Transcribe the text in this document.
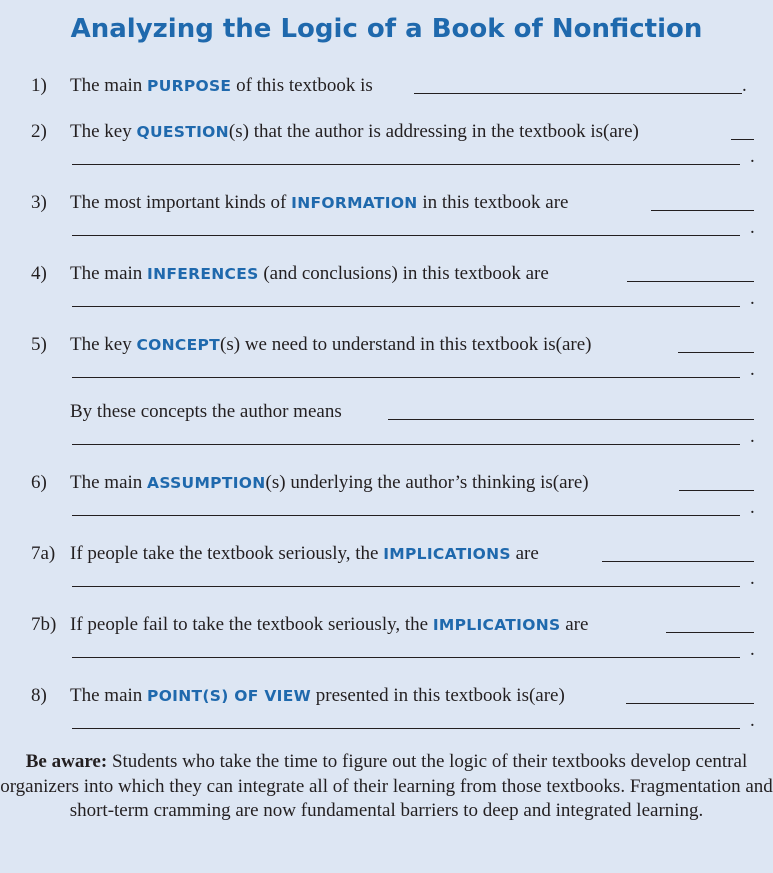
Analyzing the Logic of a Book of Nonfiction
1) The main PURPOSE of this textbook is	.
2) The key QUESTION(s) that the author is addressing in the textbook is(are)
.
3) The most important kinds of INFORMATION in this textbook are
.
4) The main INFERENCES (and conclusions) in this textbook are
.
5) The key CONCEPT(s) we need to understand in this textbook is(are)
.
By these concepts the author means
.
6) The main ASSUMPTION(s) underlying the author’s thinking is(are)
.
7a) If people take the textbook seriously, the IMPLICATIONS are
.
7b) If people fail to take the textbook seriously, the IMPLICATIONS are
.
8) The main POINT(S) OF VIEW presented in this textbook is(are)
.
Be aware: Students who take the time to figure out the logic of their textbooks develop central organizers into which they can integrate all of their learning from those textbooks. Fragmentation and short-term cramming are now fundamental barriers to deep and integrated learning.
